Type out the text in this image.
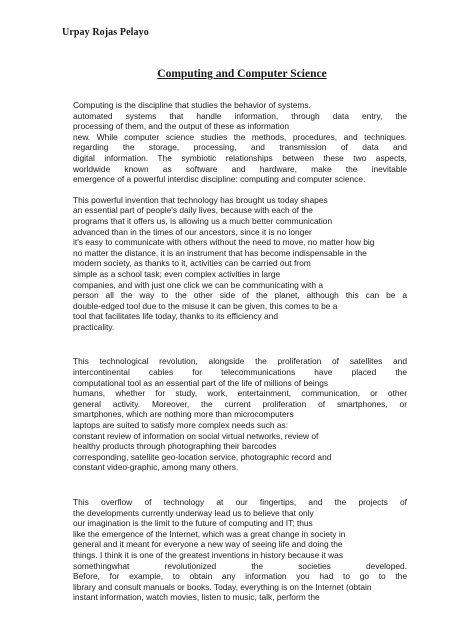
Urpay Rojas Pelayo
Computing and Computer Science
Computing is the discipline that studies the behavior of systems.
automated systems that handle information, through data entry, the
processing of them, and the output of these as information
new. While computer science studies the methods, procedures, and techniques.
regarding the storage, processing, and transmission of data and
digital information. The symbiotic relationships between these two aspects,
worldwide known as software and hardware, make the inevitable
emergence of a powerful interdisc discipline: computing and computer science.
This powerful invention that technology has brought us today shapes
an essential part of people's daily lives, because with each of the
programs that it offers us, is allowing us a much better communication
advanced than in the times of our ancestors, since it is no longer
it's easy to communicate with others without the need to move, no matter how big
no matter the distance, it is an instrument that has become indispensable in the
modern society, as thanks to it, activities can be carried out from
simple as a school task; even complex activities in large
companies, and with just one click we can be communicating with a
person all the way to the other side of the planet, although this can be a
double-edged tool due to the misuse it can be given, this comes to be a
tool that facilitates life today, thanks to its efficiency and
practicality.
This technological revolution, alongside the proliferation of satellites and
intercontinental cables for telecommunications have placed the
computational tool as an essential part of the life of millions of beings
humans, whether for study, work, entertainment, communication, or other
general activity. Moreover, the current proliferation of smartphones, or
smartphones, which are nothing more than microcomputers
laptops are suited to satisfy more complex needs such as:
constant review of information on social virtual networks, review of
healthy products through photographing their barcodes
corresponding, satellite geo-location service, photographic record and
constant video-graphic, among many others.
This overflow of technology at our fingertips, and the projects of
the developments currently underway lead us to believe that only
our imagination is the limit to the future of computing and IT; thus
like the emergence of the Internet, which was a great change in society in
general and it meant for everyone a new way of seeing life and doing the
things. I think it is one of the greatest inventions in history because it was
somethingwhat revolutionized the societies developed.
Before, for example, to obtain any information you had to go to the
library and consult manuals or books. Today, everything is on the Internet (obtain
instant information, watch movies, listen to music, talk, perform the
